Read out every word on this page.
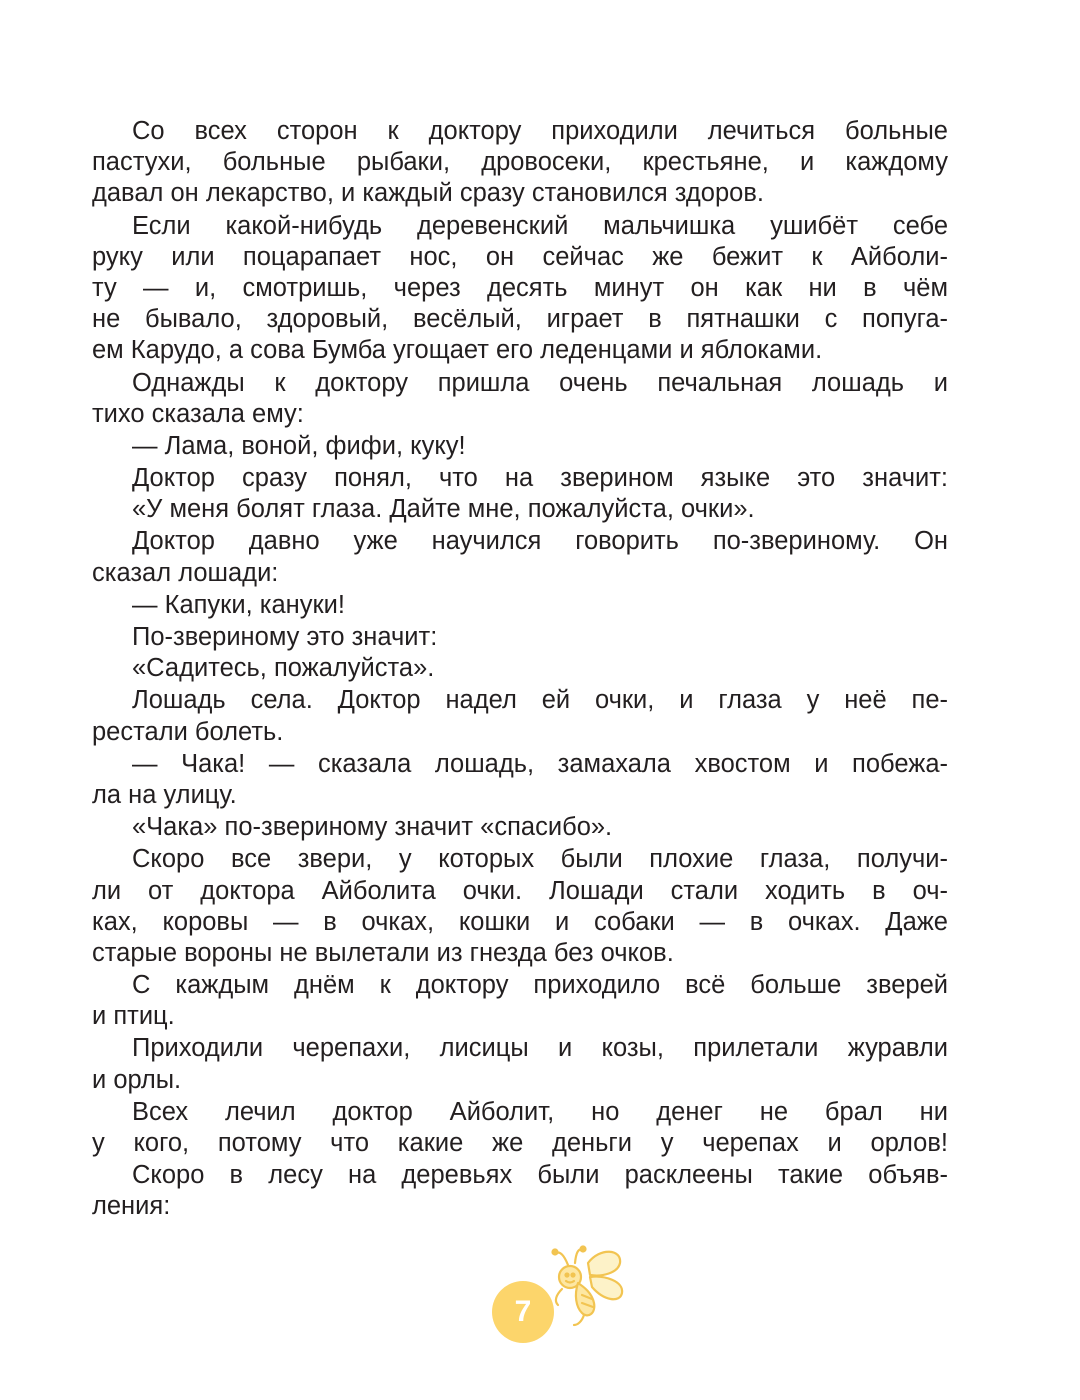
Со всех сторон к доктору приходили лечиться больные
пастухи, больные рыбаки, дровосеки, крестьяне, и каждому
давал он лекарство, и каждый сразу становился здоров.
Если какой-нибудь деревенский мальчишка ушибёт себе
руку или поцарапает нос, он сейчас же бежит к Айболи-
ту — и, смотришь, через десять минут он как ни в чём
не бывало, здоровый, весёлый, играет в пятнашки с попуга-
ем Карудо, а сова Бумба угощает его леденцами и яблоками.
Однажды к доктору пришла очень печальная лошадь и
тихо сказала ему:
— Лама, воной, фифи, куку!
Доктор сразу понял, что на зверином языке это значит:
«У меня болят глаза. Дайте мне, пожалуйста, очки».
Доктор давно уже научился говорить по-звериному. Он
сказал лошади:
— Капуки, кануки!
По-звериному это значит:
«Садитесь, пожалуйста».
Лошадь села. Доктор надел ей очки, и глаза у неё пе-
рестали болеть.
— Чака! — сказала лошадь, замахала хвостом и побежа-
ла на улицу.
«Чака» по-звериному значит «спасибо».
Скоро все звери, у которых были плохие глаза, получи-
ли от доктора Айболита очки. Лошади стали ходить в оч-
ках, коровы — в очках, кошки и собаки — в очках. Даже
старые вороны не вылетали из гнезда без очков.
С каждым днём к доктору приходило всё больше зверей
и птиц.
Приходили черепахи, лисицы и козы, прилетали журавли
и орлы.
Всех лечил доктор Айболит, но денег не брал ни
у кого, потому что какие же деньги у черепах и орлов!
Скоро в лесу на деревьях были расклеены такие объяв-
ления:
7
